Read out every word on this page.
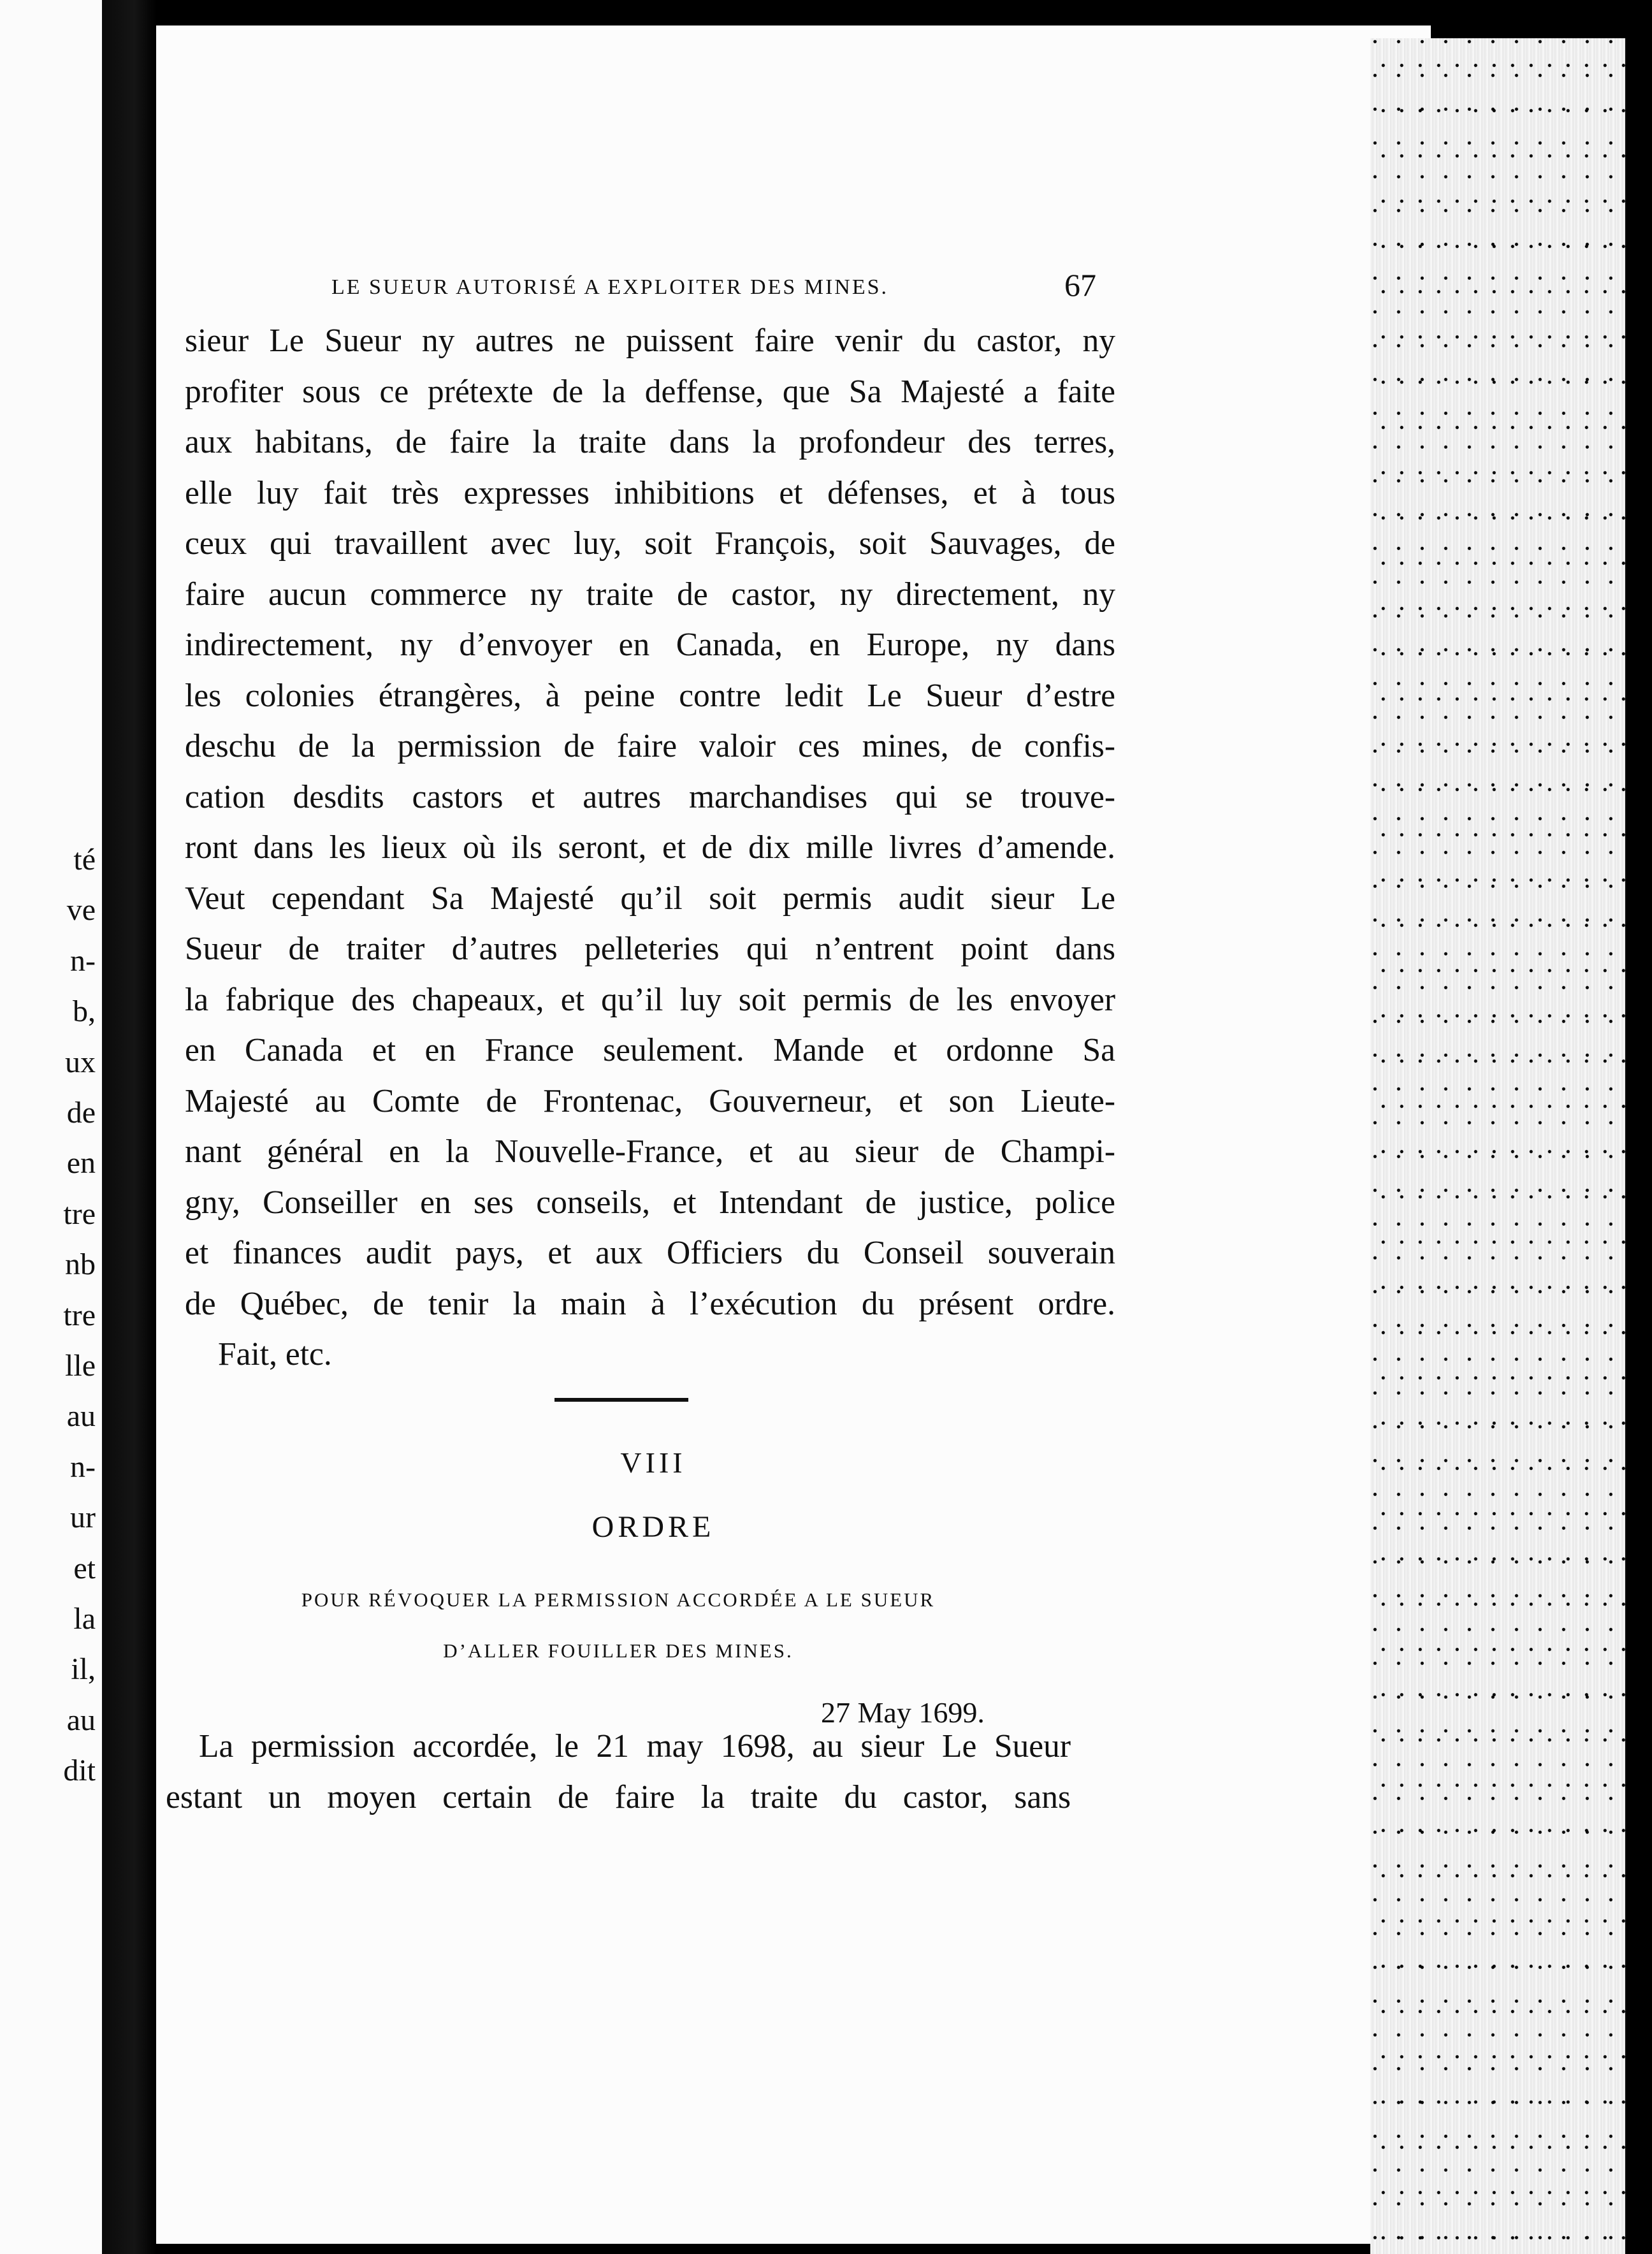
LE SUEUR AUTORISÉ A EXPLOITER DES MINES.	67
sieur Le Sueur ny autres ne puissent faire venir du castor, ny
profiter sous ce prétexte de la deffense, que Sa Majesté a faite
aux habitans, de faire la traite dans la profondeur des terres,
elle luy fait très expresses inhibitions et défenses, et à tous
ceux qui travaillent avec luy, soit François, soit Sauvages, de
faire aucun commerce ny traite de castor, ny directement, ny
indirectement, ny d’envoyer en Canada, en Europe, ny dans
les colonies étrangères, à peine contre ledit Le Sueur d’estre
deschu de la permission de faire valoir ces mines, de confis-
cation desdits castors et autres marchandises qui se trouve-
ront dans les lieux où ils seront, et de dix mille livres d’amende.
Veut cependant Sa Majesté qu’il soit permis audit sieur Le
Sueur de traiter d’autres pelleteries qui n’entrent point dans
la fabrique des chapeaux, et qu’il luy soit permis de les envoyer
en Canada et en France seulement. Mande et ordonne Sa
Majesté au Comte de Frontenac, Gouverneur, et son Lieute-
nant général en la Nouvelle-France, et au sieur de Champi-
gny, Conseiller en ses conseils, et Intendant de justice, police
et finances audit pays, et aux Officiers du Conseil souverain
de Québec, de tenir la main à l’exécution du présent ordre.
Fait, etc.
VIII
ORDRE
POUR RÉVOQUER LA PERMISSION ACCORDÉE A LE SUEUR
D’ALLER FOUILLER DES MINES.
27 May 1699.
La permission accordée, le 21 may 1698, au sieur Le Sueur
estant un moyen certain de faire la traite du castor, sans
té
ve
n-
b,
ux
de
en
tre
nb
tre
lle
au
n-
ur
et
la
il,
au
dit
